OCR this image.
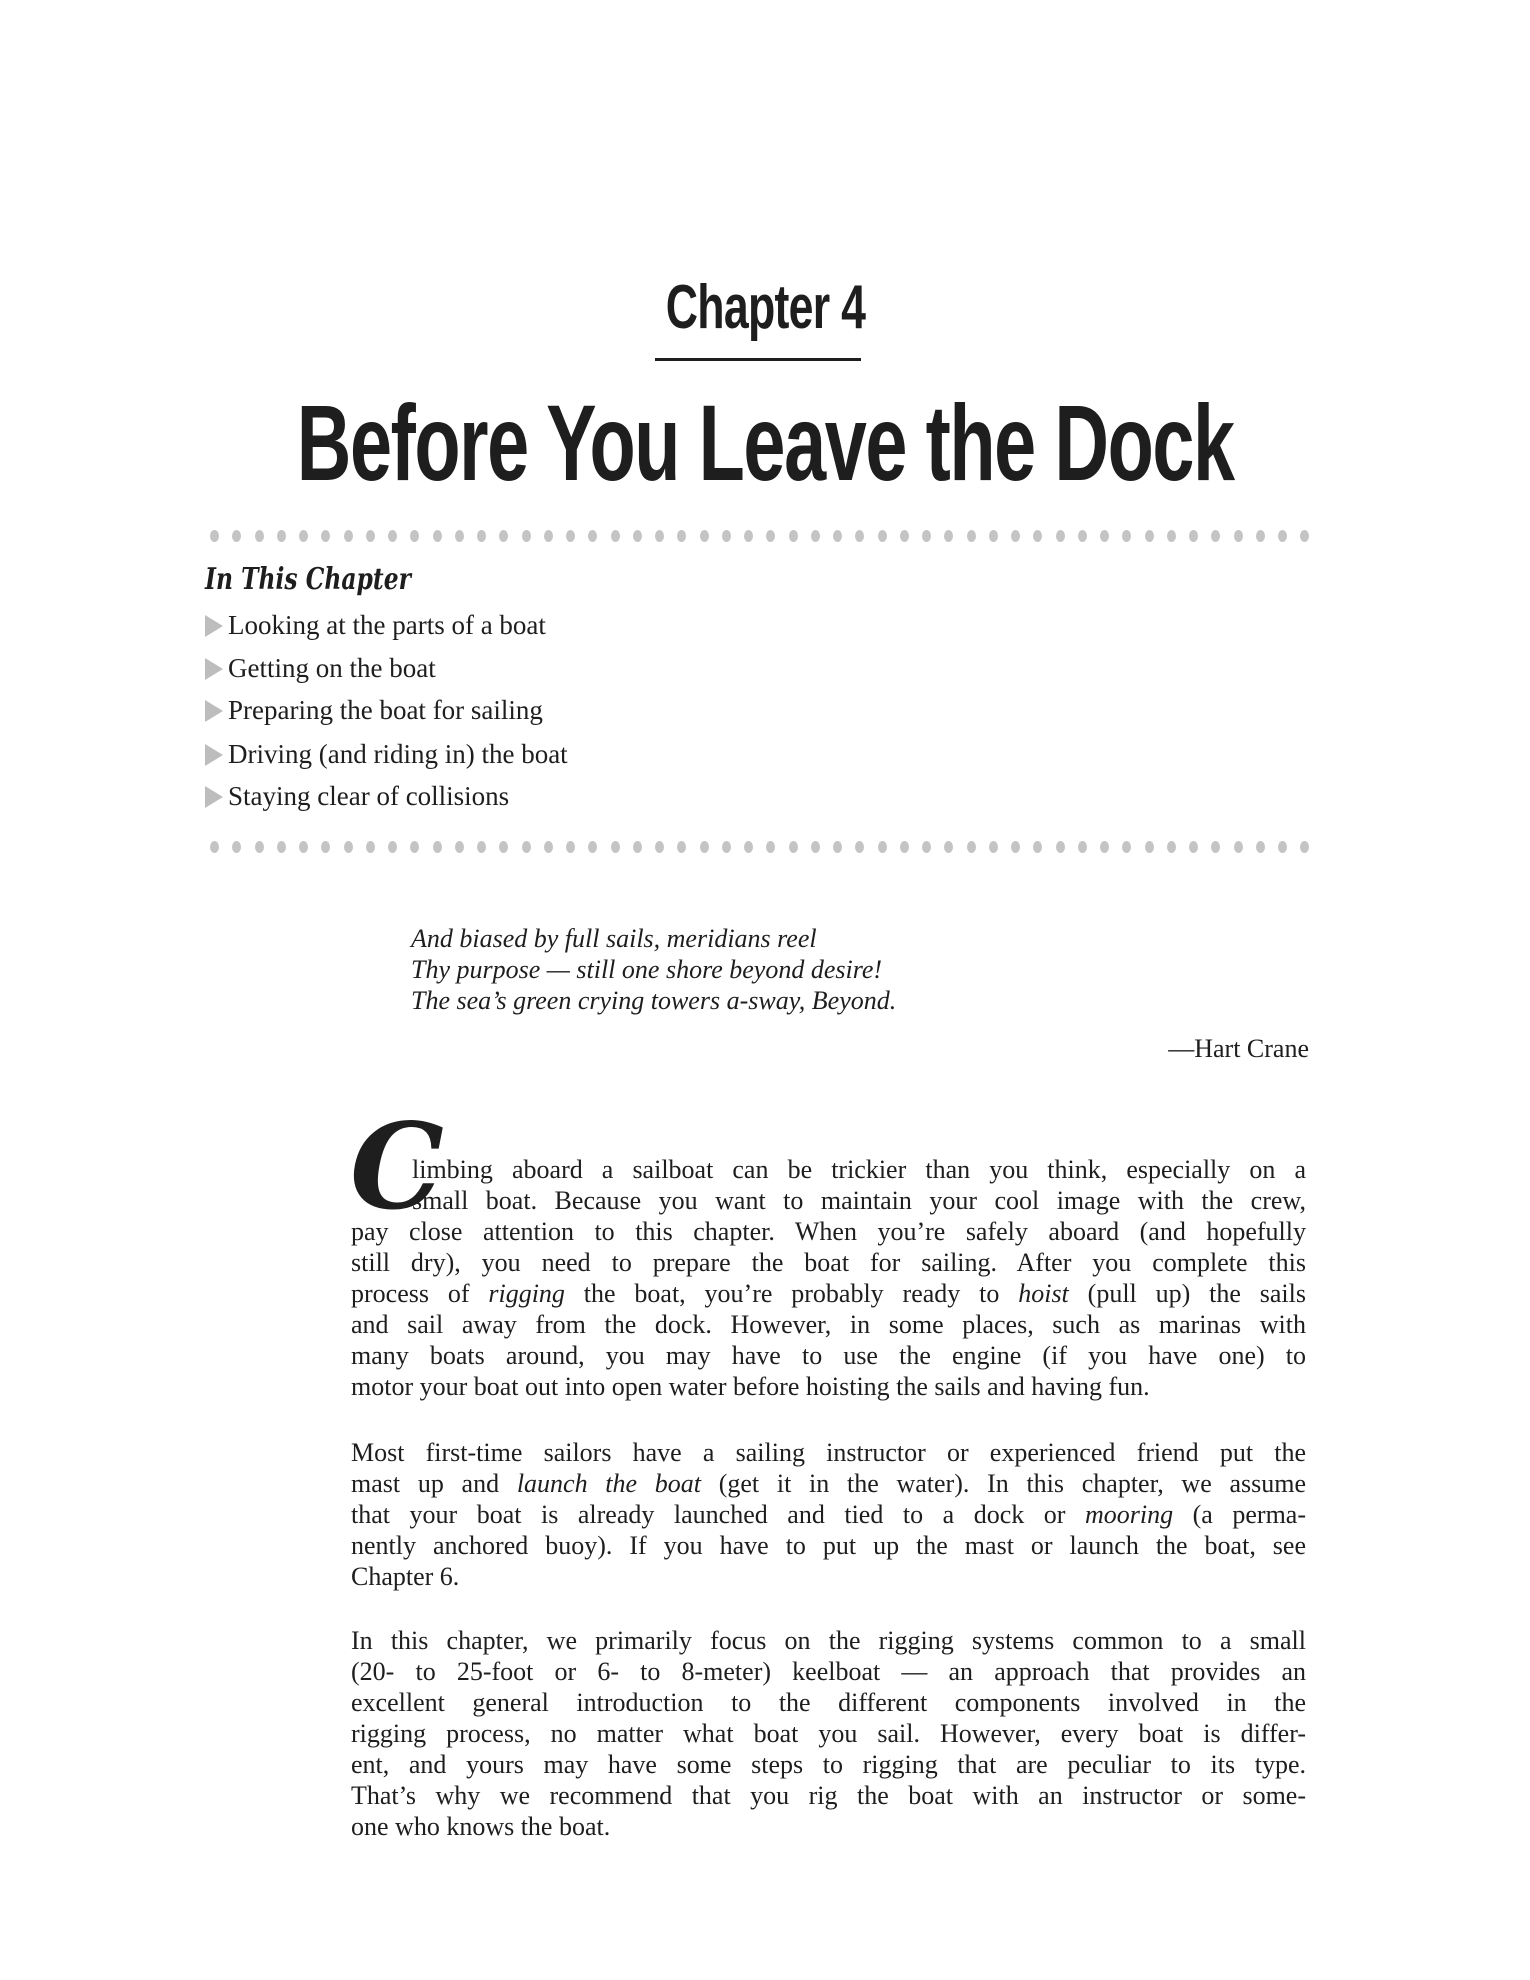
Chapter 4
Before You Leave the Dock
In This Chapter
Looking at the parts of a boat
Getting on the boat
Preparing the boat for sailing
Driving (and riding in) the boat
Staying clear of collisions
And biased by full sails, meridians reel
Thy purpose — still one shore beyond desire!
The sea’s green crying towers a-sway, Beyond.
—Hart Crane
C
limbing aboard a sailboat can be trickier than you think, especially on a
small boat. Because you want to maintain your cool image with the crew,
pay close attention to this chapter. When you’re safely aboard (and hopefully
still dry), you need to prepare the boat for sailing. After you complete this
process of rigging the boat, you’re probably ready to hoist (pull up) the sails
and sail away from the dock. However, in some places, such as marinas with
many boats around, you may have to use the engine (if you have one) to
motor your boat out into open water before hoisting the sails and having fun.
Most first-time sailors have a sailing instructor or experienced friend put the
mast up and launch the boat (get it in the water). In this chapter, we assume
that your boat is already launched and tied to a dock or mooring (a perma-
nently anchored buoy). If you have to put up the mast or launch the boat, see
Chapter 6.
In this chapter, we primarily focus on the rigging systems common to a small
(20- to 25-foot or 6- to 8-meter) keelboat — an approach that provides an
excellent general introduction to the different components involved in the
rigging process, no matter what boat you sail. However, every boat is differ-
ent, and yours may have some steps to rigging that are peculiar to its type.
That’s why we recommend that you rig the boat with an instructor or some-
one who knows the boat.
